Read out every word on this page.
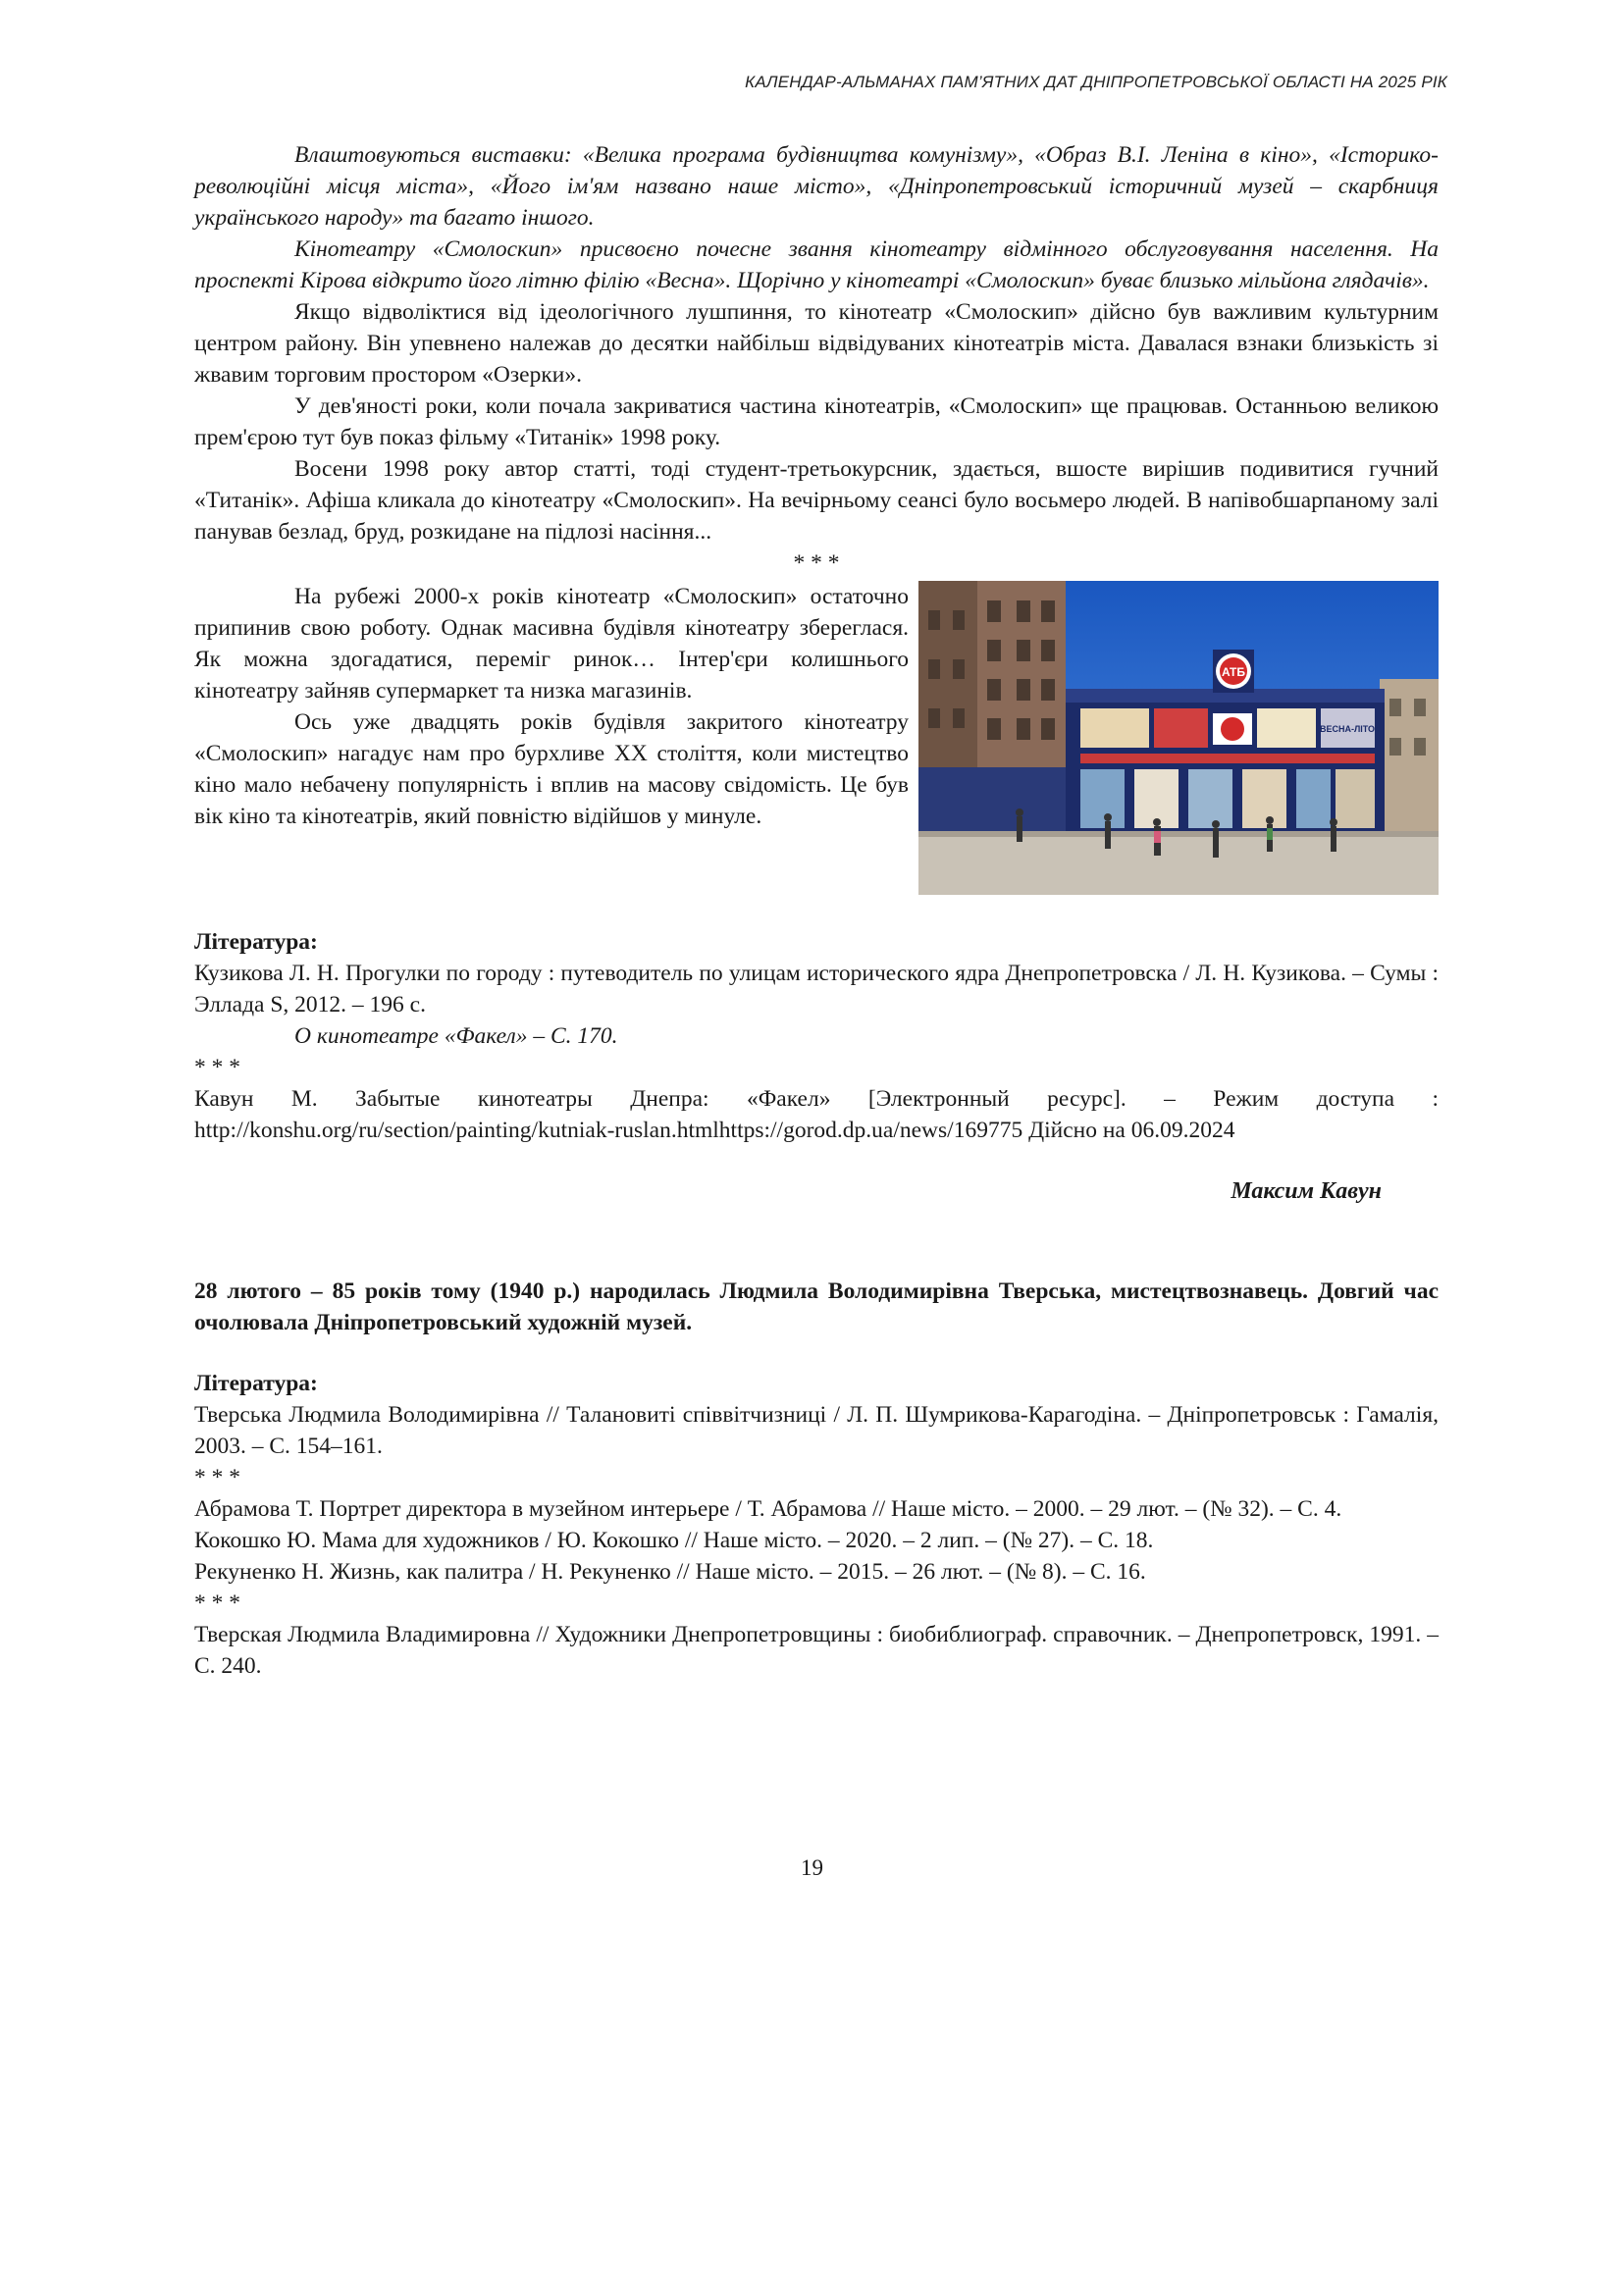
КАЛЕНДАР-АЛЬМАНАХ ПАМ’ЯТНИХ ДАТ ДНІПРОПЕТРОВСЬКОЇ ОБЛАСТІ НА 2025 РІК

Влаштовуються виставки: «Велика програма будівництва комунізму», «Образ В.І. Леніна в кіно», «Історико-революційні місця міста», «Його ім'ям названо наше місто», «Дніпропетровський історичний музей – скарбниця українського народу» та багато іншого.

Кінотеатру «Смолоскип» присвоєно почесне звання кінотеатру відмінного обслуговування населення. На проспекті Кірова відкрито його літню філію «Весна». Щорічно у кінотеатрі «Смолоскип» буває близько мільйона глядачів».

Якщо відволіктися від ідеологічного лушпиння, то кінотеатр «Смолоскип» дійсно був важливим культурним центром району. Він упевнено належав до десятки найбільш відвідуваних кінотеатрів міста. Давалася взнаки близькість зі жвавим торговим простором «Озерки».

У дев'яності роки, коли почала закриватися частина кінотеатрів, «Смолоскип» ще працював. Останньою великою прем'єрою тут був показ фільму «Титанік» 1998 року.

Восени 1998 року автор статті, тоді студент-третьокурсник, здається, вшосте вирішив подивитися гучний «Титанік». Афіша кликала до кінотеатру «Смолоскип». На вечірньому сеансі було восьмеро людей. В напівобшарпаному залі панував безлад, бруд, розкидане на підлозі насіння...

* * *

На рубежі 2000-х років кінотеатр «Смолоскип» остаточно припинив свою роботу. Однак масивна будівля кінотеатру збереглася. Як можна здогадатися, переміг ринок… Інтер'єри колишнього кінотеатру зайняв супермаркет та низка магазинів.

Ось уже двадцять років будівля закритого кінотеатру «Смолоскип» нагадує нам про бурхливе ХХ століття, коли мистецтво кіно мало небачену популярність і вплив на масову свідомість. Це був вік кіно та кінотеатрів, який повністю відійшов у минуле.

АТБ
ВЕСНА-ЛІТО

Література:

Кузикова Л. Н. Прогулки по городу : путеводитель по улицам исторического ядра Днепропетровска / Л. Н. Кузикова. – Сумы : Эллада S, 2012. – 196 с.

О кинотеатре «Факел» – С. 170.

* * *

Кавун М. Забытые кинотеатры Днепра: «Факел» [Электронный ресурс]. – Режим доступа : http://konshu.org/ru/section/painting/kutniak-ruslan.htmlhttps://gorod.dp.ua/news/169775 Дійсно на 06.09.2024

Максим Кавун

28 лютого – 85 років тому (1940 р.) народилась Людмила Володимирівна Тверська, мистецтвознавець. Довгий час очолювала Дніпропетровський художній музей.

Література:

Тверська Людмила Володимирівна // Талановиті співвітчизниці / Л. П. Шумрикова-Карагодіна. – Дніпропетровськ : Гамалія, 2003. – С. 154–161.

* * *

Абрамова Т. Портрет директора в музейном интерьере / Т. Абрамова // Наше місто. – 2000. – 29 лют. – (№ 32). – С. 4.

Кокошко Ю. Мама для художников / Ю. Кокошко // Наше місто. – 2020. – 2 лип. – (№ 27). – С. 18.

Рекуненко Н. Жизнь, как палитра / Н. Рекуненко // Наше місто. – 2015. – 26 лют. – (№ 8). – С. 16.

* * *

Тверская Людмила Владимировна // Художники Днепропетровщины : биобиблиограф. справочник. – Днепропетровск, 1991. – С. 240.

19
